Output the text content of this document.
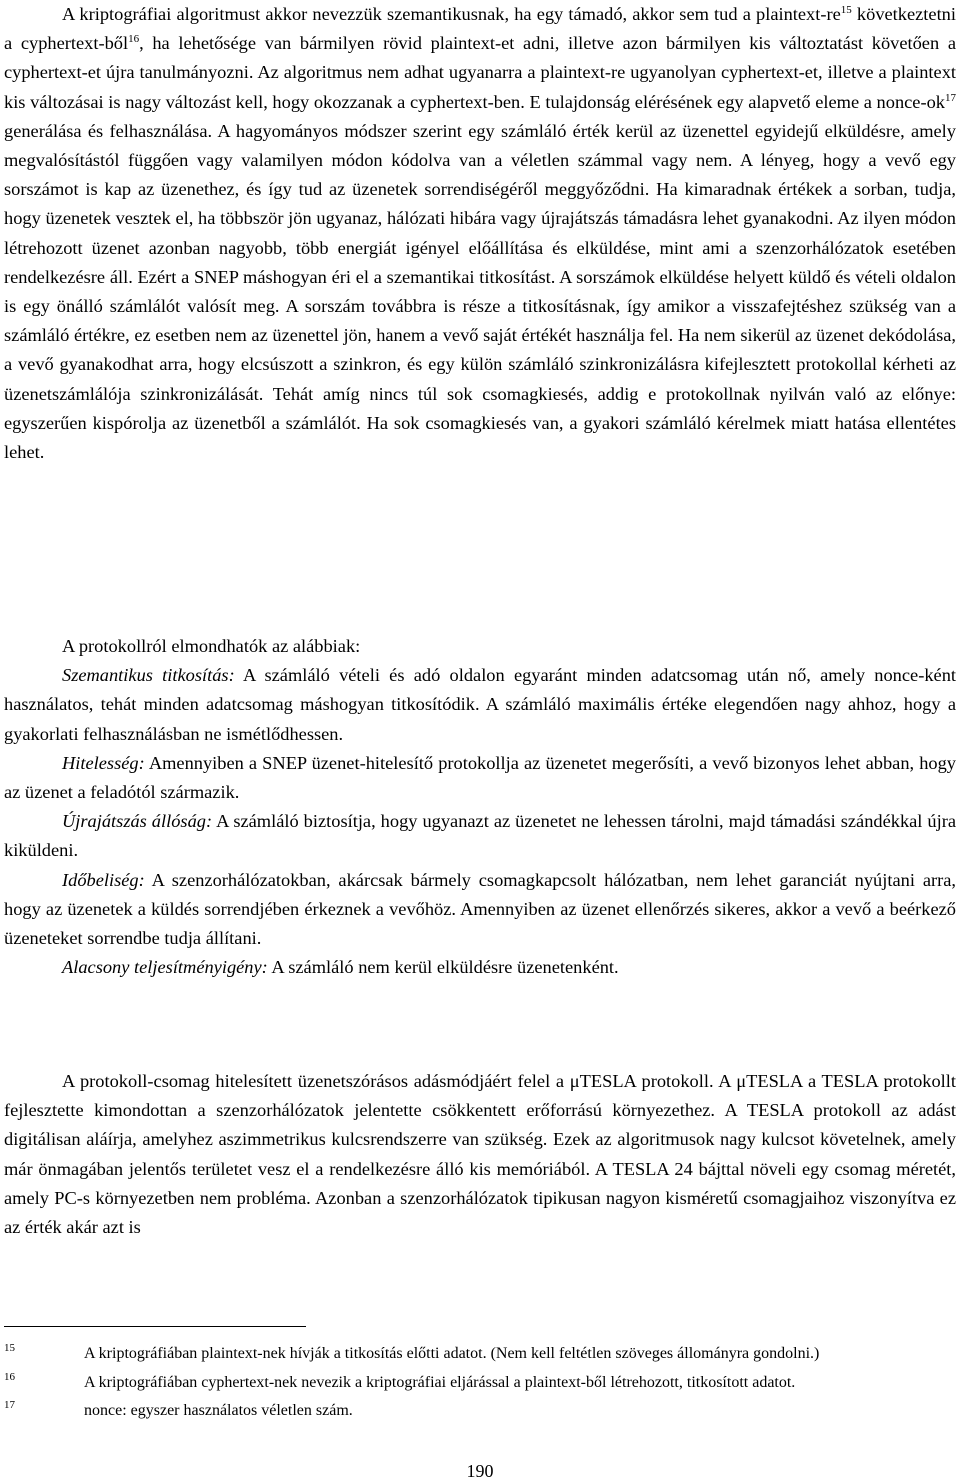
A kriptográfiai algoritmust akkor nevezzük szemantikusnak, ha egy támadó, akkor sem tud a plaintext-$re^{15}$ következtetni a cyphertext-ből$^{16}$, ha lehetősége van bármilyen rövid plaintext-et adni, illetve azon bármilyen kis változtatást követően a cyphertext-et újra tanulmányozni. Az algoritmus nem adhat ugyanarra a plaintext-re ugyanolyan cyphertext-et, illetve a plaintext kis változásai is nagy változást kell, hogy okozzanak a cyphertext-ben. E tulajdonság elérésének egy alapvető eleme a nonce-$ok^{17}$ generálása és felhasználása. A hagyományos módszer szerint egy számláló érték kerül az üzenettel egyidejű elküldésre, amely megvalósítástól függően vagy valamilyen módon kódolva van a véletlen számmal vagy nem. A lényeg, hogy a vevő egy sorszámot is kap az üzenethez, és így tud az üzenetek sorrendiségéről meggyőződni. Ha kimaradnak értékek a sorban, tudja, hogy üzenetek vesztek el, ha többször jön ugyanaz, hálózati hibára vagy újrajátszás támadásra lehet gyanakodni. Az ilyen módon létrehozott üzenet azonban nagyobb, több energiát igényel előállítása és elküldése, mint ami a szenzorhálózatok esetében rendelkezésre áll. Ezért a SNEP máshogyan éri el a szemantikai titkosítást. A sorszámok elküldése helyett küldő és vételi oldalon is egy önálló számlálót valósít meg. A sorszám továbbra is része a titkosításnak, így amikor a visszafejtéshez szükség van a számláló értékre, ez esetben nem az üzenettel jön, hanem a vevő saját értékét használja fel. Ha nem sikerül az üzenet dekódolása, a vevő gyanakodhat arra, hogy elcsúszott a szinkron, és egy külön számláló szinkronizálásra kifejlesztett protokollal kérheti az üzenetszámlálója szinkronizálását. Tehát amíg nincs túl sok csomagkiesés, addig e protokollnak nyilván való az előnye: egyszerűen kispórolja az üzenetből a számlálót. Ha sok csomagkiesés van, a gyakori számláló kérelmek miatt hatása ellentétes lehet.

A protokollról elmondhatók az alábbiak:

Szemantikus titkosítás: A számláló vételi és adó oldalon egyaránt minden adatcsomag után nő, amely nonce-ként használatos, tehát minden adatcsomag máshogyan titkosítódik. A számláló maximális értéke elegendően nagy ahhoz, hogy a gyakorlati felhasználásban ne ismétlődhessen.

Hitelesség: Amennyiben a SNEP üzenet-hitelesítő protokollja az üzenetet megerősíti, a vevő bizonyos lehet abban, hogy az üzenet a feladótól származik.

Újrajátszás állóság: A számláló biztosítja, hogy ugyanazt az üzenetet ne lehessen tárolni, majd támadási szándékkal újra kiküldeni.

Időbeliség: A szenzorhálózatokban, akárcsak bármely csomagkapcsolt hálózatban, nem lehet garanciát nyújtani arra, hogy az üzenetek a küldés sorrendjében érkeznek a vevőhöz. Amennyiben az üzenet ellenőrzés sikeres, akkor a vevő a beérkező üzeneteket sorrendbe tudja állítani.

Alacsony teljesítményigény: A számláló nem kerül elküldésre üzenetenként.

A protokoll-csomag hitelesített üzenetszórásos adásmódjáért felel a μTESLA protokoll. A μTESLA a TESLA protokollt fejlesztette kimondottan a szenzorhálózatok jelentette csökkentett erőforrású környezethez. A TESLA protokoll az adást digitálisan aláírja, amelyhez aszimmetrikus kulcsrendszerre van szükség. Ezek az algoritmusok nagy kulcsot követelnek, amely már önmagában jelentős területet vesz el a rendelkezésre álló kis memóriából. A TESLA 24 bájttal növeli egy csomag méretét, amely PC-s környezetben nem probléma. Azonban a szenzorhálózatok tipikusan nagyon kisméretű csomagjaihoz viszonyítva ez az érték akár azt is

15	A kriptográfiában plaintext-nek hívják a titkosítás előtti adatot. (Nem kell feltétlen szöveges állományra gondolni.)

16	A kriptográfiában cyphertext-nek nevezik a kriptográfiai eljárással a plaintext-ből létrehozott, titkosított adatot.

17	nonce: egyszer használatos véletlen szám.

190
